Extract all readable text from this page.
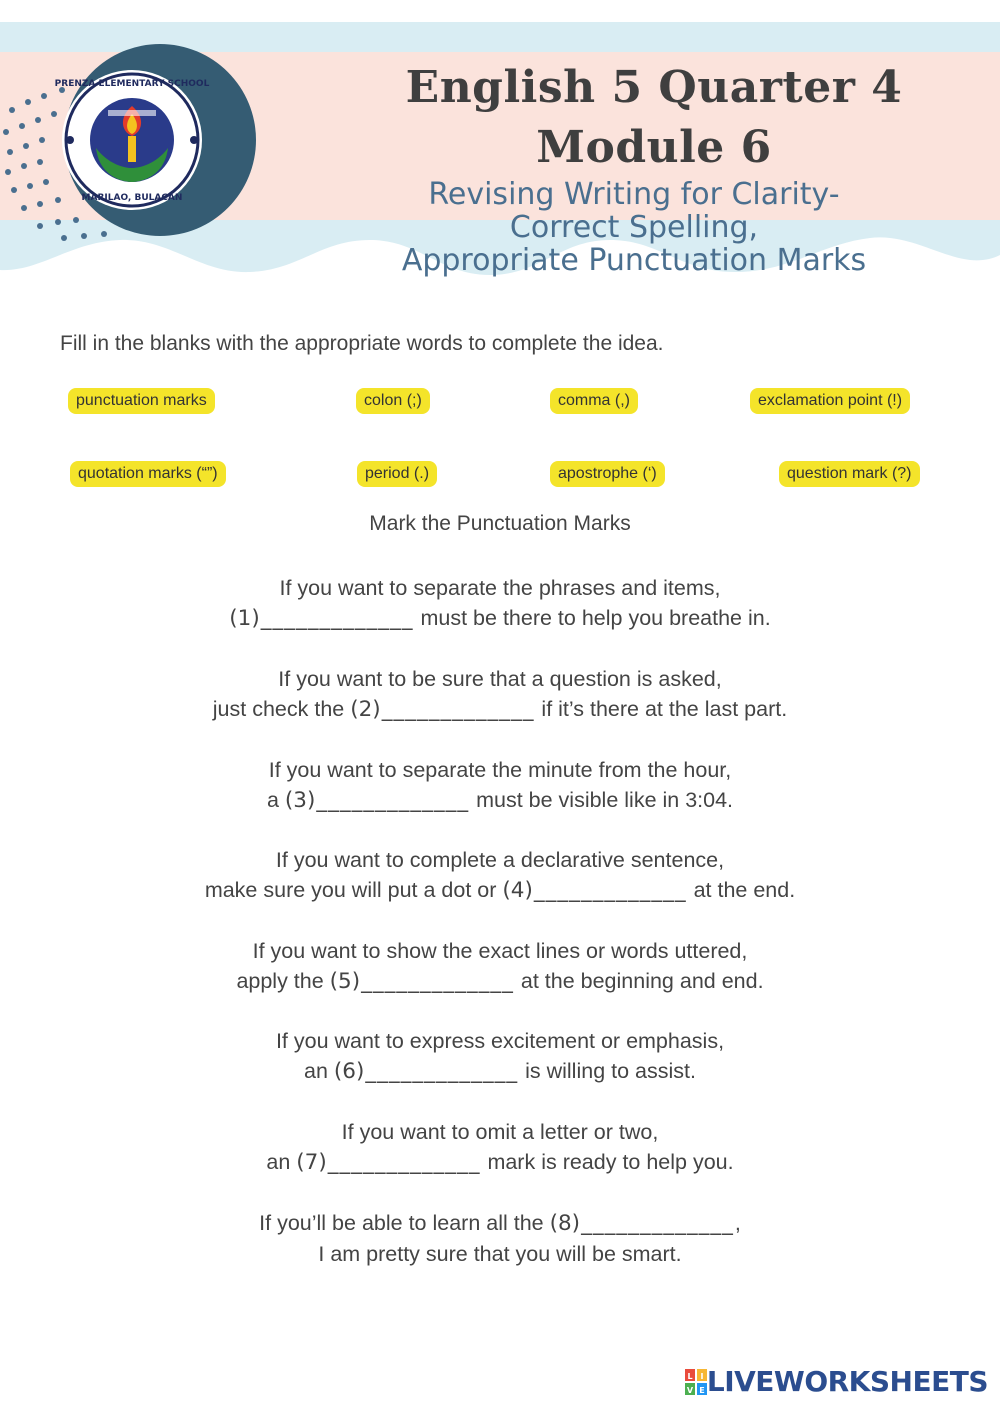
PRENZA ELEMENTARY SCHOOL
MARILAO, BULACAN
English 5 Quarter 4 Module 6
Revising Writing for Clarity-
Correct Spelling,
Appropriate Punctuation Marks
Fill in the blanks with the appropriate words to complete the idea.
punctuation marks	colon (;)	comma (,)	exclamation point (!)
quotation marks (“”)	period (.)	apostrophe (‘)	question mark (?)
Mark the Punctuation Marks
If you want to separate the phrases and items,
(1)_____________ must be there to help you breathe in.
If you want to be sure that a question is asked,
just check the (2)_____________ if it’s there at the last part.
If you want to separate the minute from the hour,
a (3)_____________ must be visible like in 3:04.
If you want to complete a declarative sentence,
make sure you will put a dot or (4)_____________ at the end.
If you want to show the exact lines or words uttered,
apply the (5)_____________ at the beginning and end.
If you want to express excitement or emphasis,
an (6)_____________ is willing to assist.
If you want to omit a letter or two,
an (7)_____________ mark is ready to help you.
If you’ll be able to learn all the (8)_____________,
I am pretty sure that you will be smart.
L I
V E LIVEWORKSHEETS
